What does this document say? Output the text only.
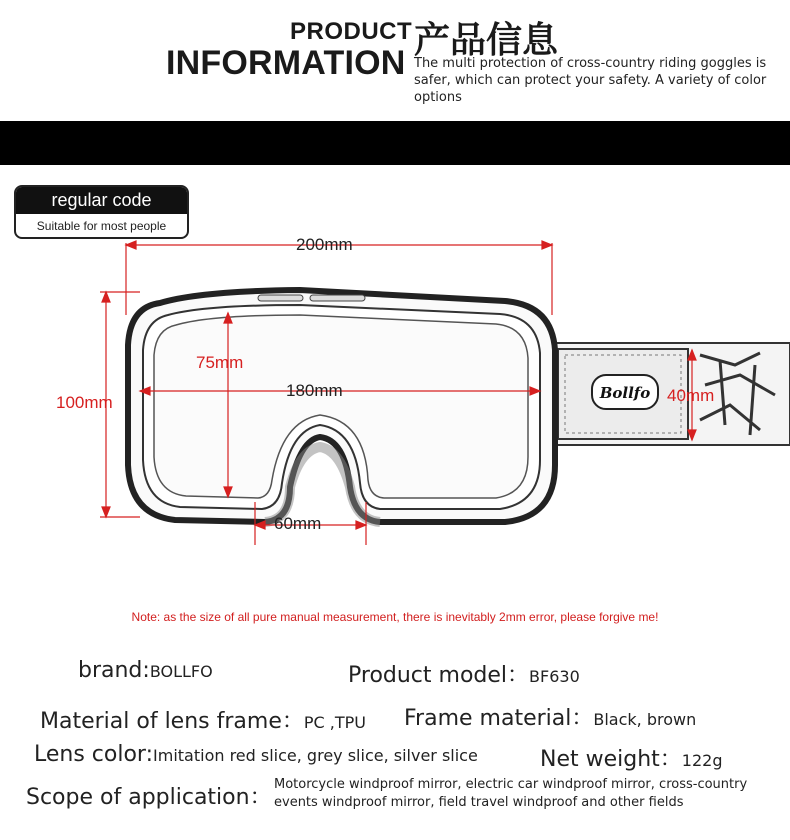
PRODUCT
INFORMATION
产品信息
The multi protection of cross-country riding goggles is safer, which can protect your safety. A variety of color options
regular code
Suitable for most people
Bollfo
200mm
75mm
180mm
100mm	40mm
60mm
Note: as the size of all pure manual measurement, there is inevitably 2mm error, please forgive me!
brand:BOLLFO	Product model：BF630
Material of lens frame：PC ,TPU Frame material：Black, brown
Lens color:Imitation red slice, grey slice, silver slice	Net weight：122g
Scope of application：
Motorcycle windproof mirror, electric car windproof mirror, cross-country
events windproof mirror, field travel windproof and other fields
